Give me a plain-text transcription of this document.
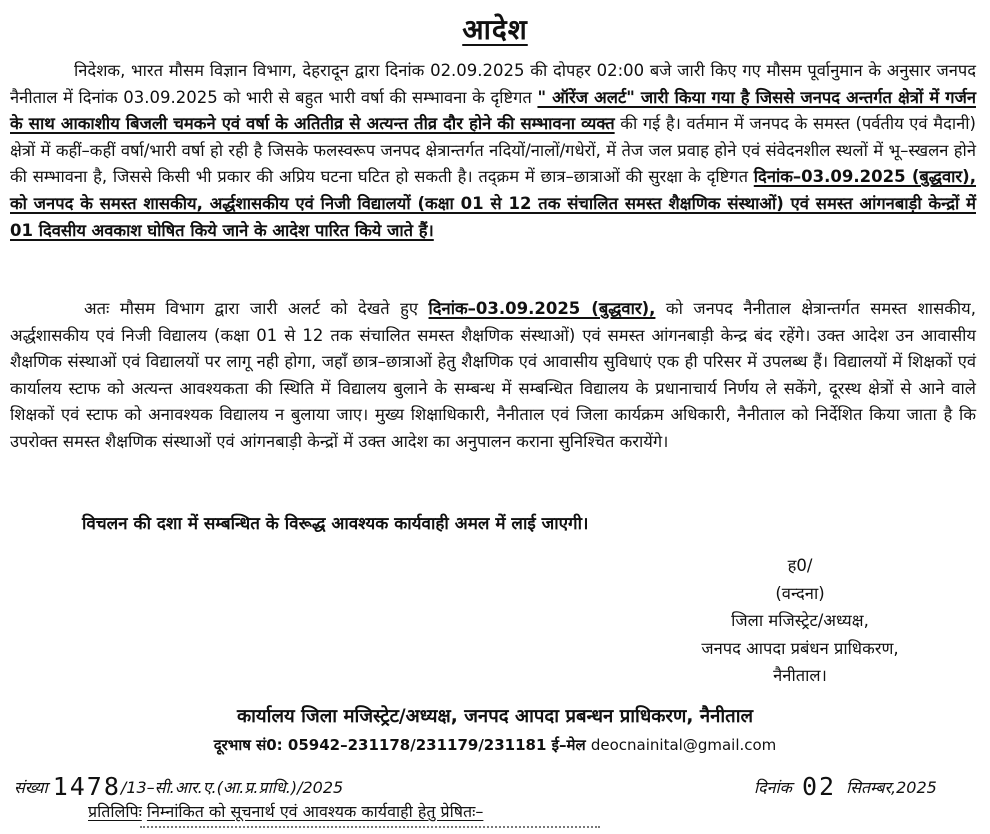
आदेश
निदेशक, भारत मौसम विज्ञान विभाग, देहरादून द्वारा दिनांक 02.09.2025 की दोपहर 02:00 बजे जारी किए गए मौसम पूर्वानुमान के अनुसार जनपद नैनीताल में दिनांक 03.09.2025 को भारी से बहुत भारी वर्षा की सम्भावना के दृष्टिगत " ऑरेंज अलर्ट" जारी किया गया है जिससे जनपद अन्तर्गत क्षेत्रों में गर्जन के साथ आकाशीय बिजली चमकने एवं वर्षा के अतितीव्र से अत्यन्त तीव्र दौर होने की सम्भावना व्यक्त की गई है। वर्तमान में जनपद के समस्त (पर्वतीय एवं मैदानी) क्षेत्रों में कहीं–कहीं वर्षा/भारी वर्षा हो रही है जिसके फलस्वरूप जनपद क्षेत्रान्तर्गत नदियों/नालों/गधेरों, में तेज जल प्रवाह होने एवं संवेदनशील स्थलों में भू–स्खलन होने की सम्भावना है, जिससे किसी भी प्रकार की अप्रिय घटना घटित हो सकती है। तद्क्रम में छात्र–छात्राओं की सुरक्षा के दृष्टिगत दिनांक–03.09.2025 (बुद्धवार), को जनपद के समस्त शासकीय, अर्द्धशासकीय एवं निजी विद्यालयों (कक्षा 01 से 12 तक संचालित समस्त शैक्षणिक संस्थाओं) एवं समस्त आंगनबाड़ी केन्द्रों में 01 दिवसीय अवकाश घोषित किये जाने के आदेश पारित किये जाते हैं।
अतः मौसम विभाग द्वारा जारी अलर्ट को देखते हुए दिनांक–03.09.2025 (बुद्धवार), को जनपद नैनीताल क्षेत्रान्तर्गत समस्त शासकीय, अर्द्धशासकीय एवं निजी विद्यालय (कक्षा 01 से 12 तक संचालित समस्त शैक्षणिक संस्थाओं) एवं समस्त आंगनबाड़ी केन्द्र बंद रहेंगे। उक्त आदेश उन आवासीय शैक्षणिक संस्थाओं एवं विद्यालयों पर लागू नही होगा, जहाँ छात्र–छात्राओं हेतु शैक्षणिक एवं आवासीय सुविधाएं एक ही परिसर में उपलब्ध हैं। विद्यालयों में शिक्षकों एवं कार्यालय स्टाफ को अत्यन्त आवश्यकता की स्थिति में विद्यालय बुलाने के सम्बन्ध में सम्बन्धित विद्यालय के प्रधानाचार्य निर्णय ले सकेंगे, दूरस्थ क्षेत्रों से आने वाले शिक्षकों एवं स्टाफ को अनावश्यक विद्यालय न बुलाया जाए। मुख्य शिक्षाधिकारी, नैनीताल एवं जिला कार्यक्रम अधिकारी, नैनीताल को निर्देशित किया जाता है कि उपरोक्त समस्त शैक्षणिक संस्थाओं एवं आंगनबाड़ी केन्द्रों में उक्त आदेश का अनुपालन कराना सुनिश्चित करायेंगे।
विचलन की दशा में सम्बन्धित के विरूद्ध आवश्यक कार्यवाही अमल में लाई जाएगी।
ह0/
(वन्दना)
जिला मजिस्ट्रेट/अध्यक्ष,
जनपद आपदा प्रबंधन प्राधिकरण,
नैनीताल।
कार्यालय जिला मजिस्ट्रेट/अध्यक्ष, जनपद आपदा प्रबन्धन प्राधिकरण, नैनीताल
दूरभाष सं0: 05942–231178/231179/231181 ई–मेल deocnainital@gmail.com
संख्या 1478/13–सी.आर.ए.(आ.प्र.प्राधि.)/2025	दिनांक 02 सितम्बर,2025
प्रतिलिपिः निम्नांकित को सूचनार्थ एवं आवश्यक कार्यवाही हेतु प्रेषितः–
